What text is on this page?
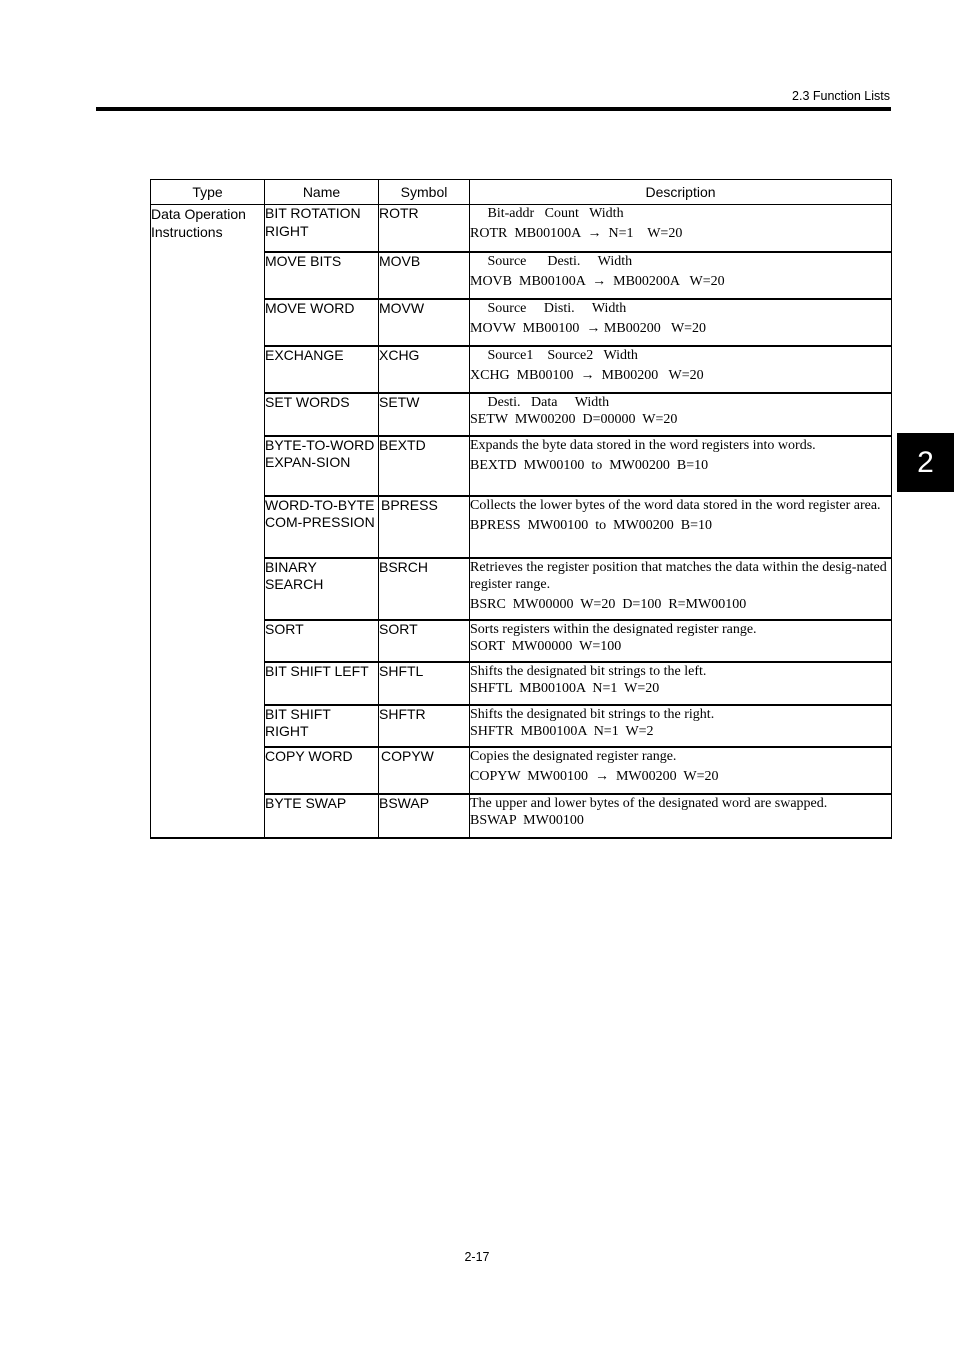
2.3 Function Lists
2
Type	Name	Symbol	Description
Data Operation Instructions	BIT ROTATION RIGHT	ROTR	Bit-addr   Count   Width
ROTR  MB00100A  →  N=1    W=20

	MOVE BITS	MOVB	Source      Desti.     Width
MOVB  MB00100A  →  MB00200A   W=20

	MOVE WORD	MOVW	Source     Disti.     Width
MOVW  MB00100  → MB00200   W=20

	EXCHANGE	XCHG	Source1    Source2   Width
XCHG  MB00100  →  MB00200   W=20

	SET WORDS	SETW	Desti.   Data     Width
SETW  MW00200  D=00000  W=20

	BYTE-TO-WORD EXPAN-SION	BEXTD	Expands the byte data stored in the word registers into words.
BEXTD  MW00100  to  MW00200  B=10

	WORD-TO-BYTE COM-PRESSION	BPRESS	Collects the lower bytes of the word data stored in the word register area.
BPRESS  MW00100  to  MW00200  B=10

	BINARY SEARCH	BSRCH	Retrieves the register position that matches the data within the desig-nated register range.
BSRC  MW00000  W=20  D=100  R=MW00100

	SORT	SORT	Sorts registers within the designated register range.
SORT  MW00000  W=100

	BIT SHIFT LEFT	SHFTL	Shifts the designated bit strings to the left.
SHFTL  MB00100A  N=1  W=20

	BIT SHIFT RIGHT	SHFTR	Shifts the designated bit strings to the right.
SHFTR  MB00100A  N=1  W=2

	COPY WORD	COPYW	Copies the designated register range.
COPYW  MW00100  →  MW00200  W=20

	BYTE SWAP	BSWAP	The upper and lower bytes of the designated word are swapped.
BSWAP  MW00100
2-17
